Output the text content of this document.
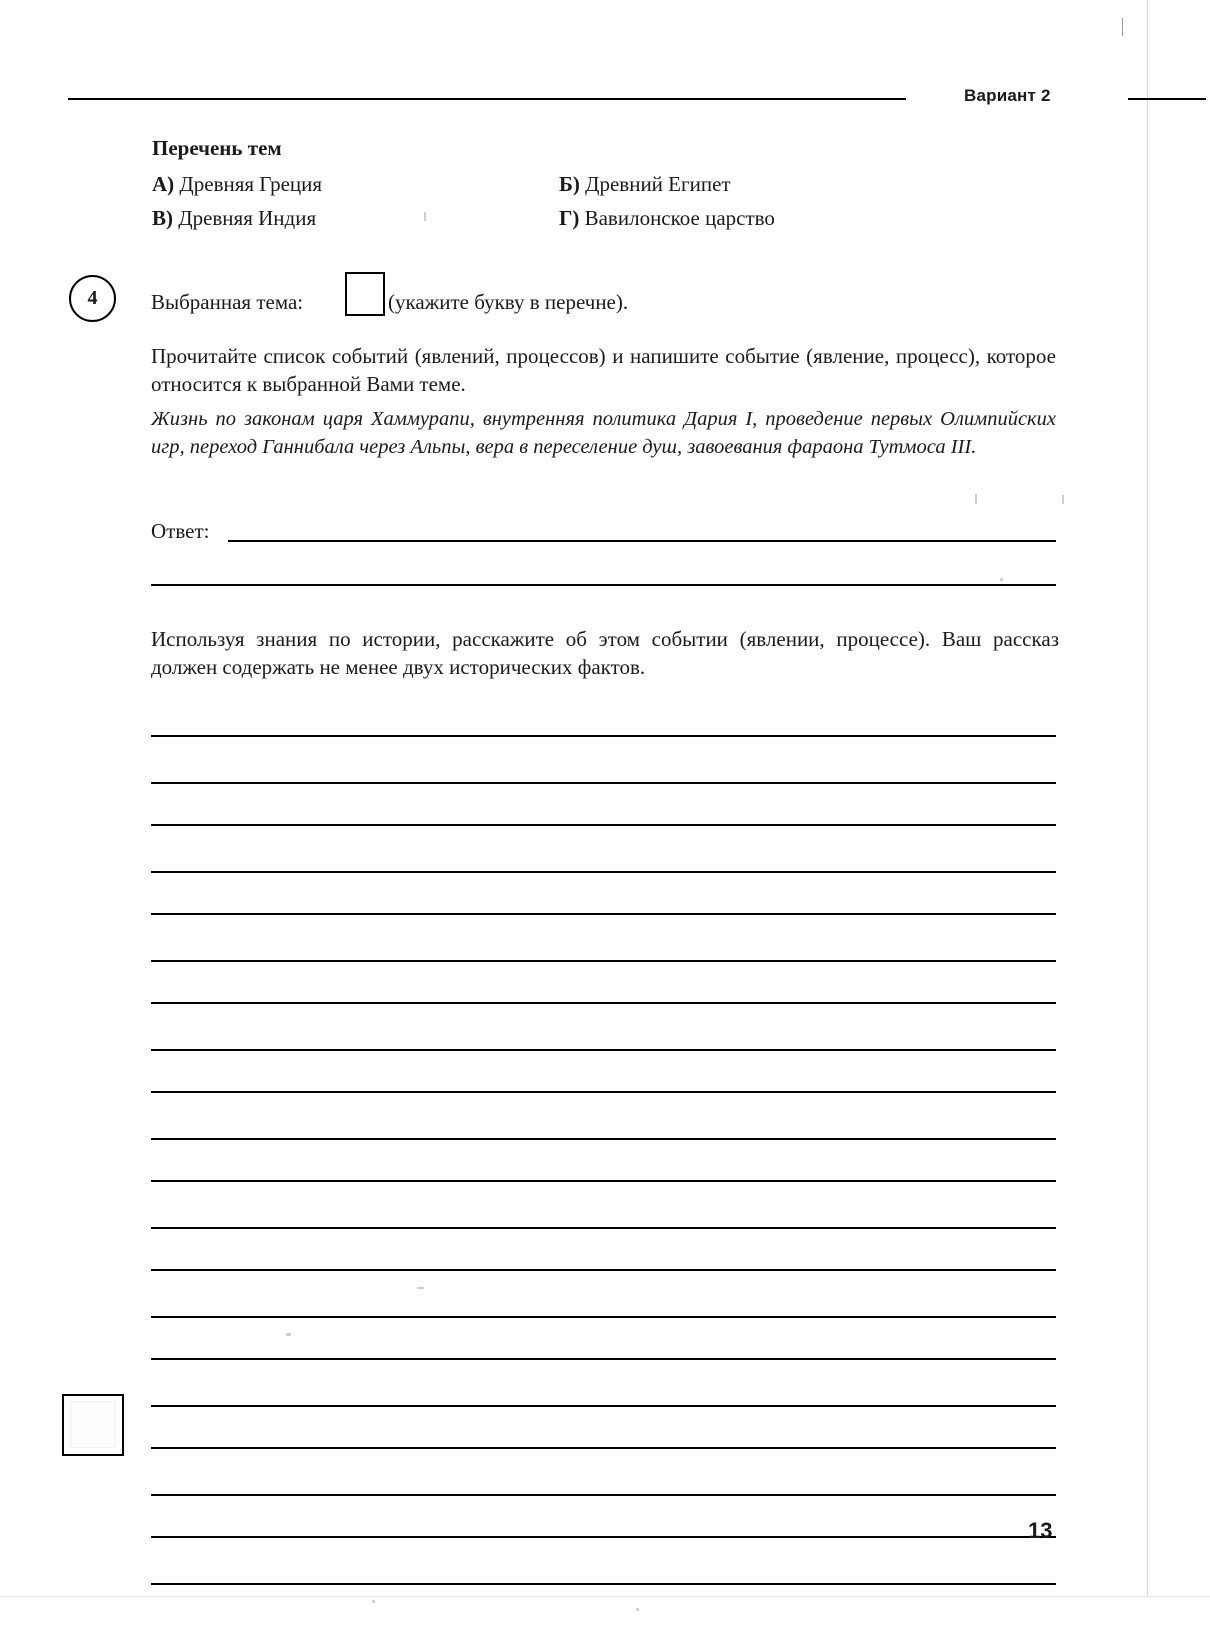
Вариант 2
Перечень тем
А) Древняя Греция	Б) Древний Египет
В) Древняя Индия	Г) Вавилонское царство
4	Выбранная тема:	(укажите букву в перечне).
Прочитайте список событий (явлений, процессов) и напишите событие (явление, процесс), которое относится к выбранной Вами теме.
Жизнь по законам царя Хаммурапи, внутренняя политика Дария I, проведение первых Олимпийских игр, переход Ганнибала через Альпы, вера в переселение душ, завоевания фараона Тутмоса III.
Ответ:
Используя знания по истории, расскажите об этом событии (явлении, процессе). Ваш рассказ должен содержать не менее двух исторических фактов.
13
